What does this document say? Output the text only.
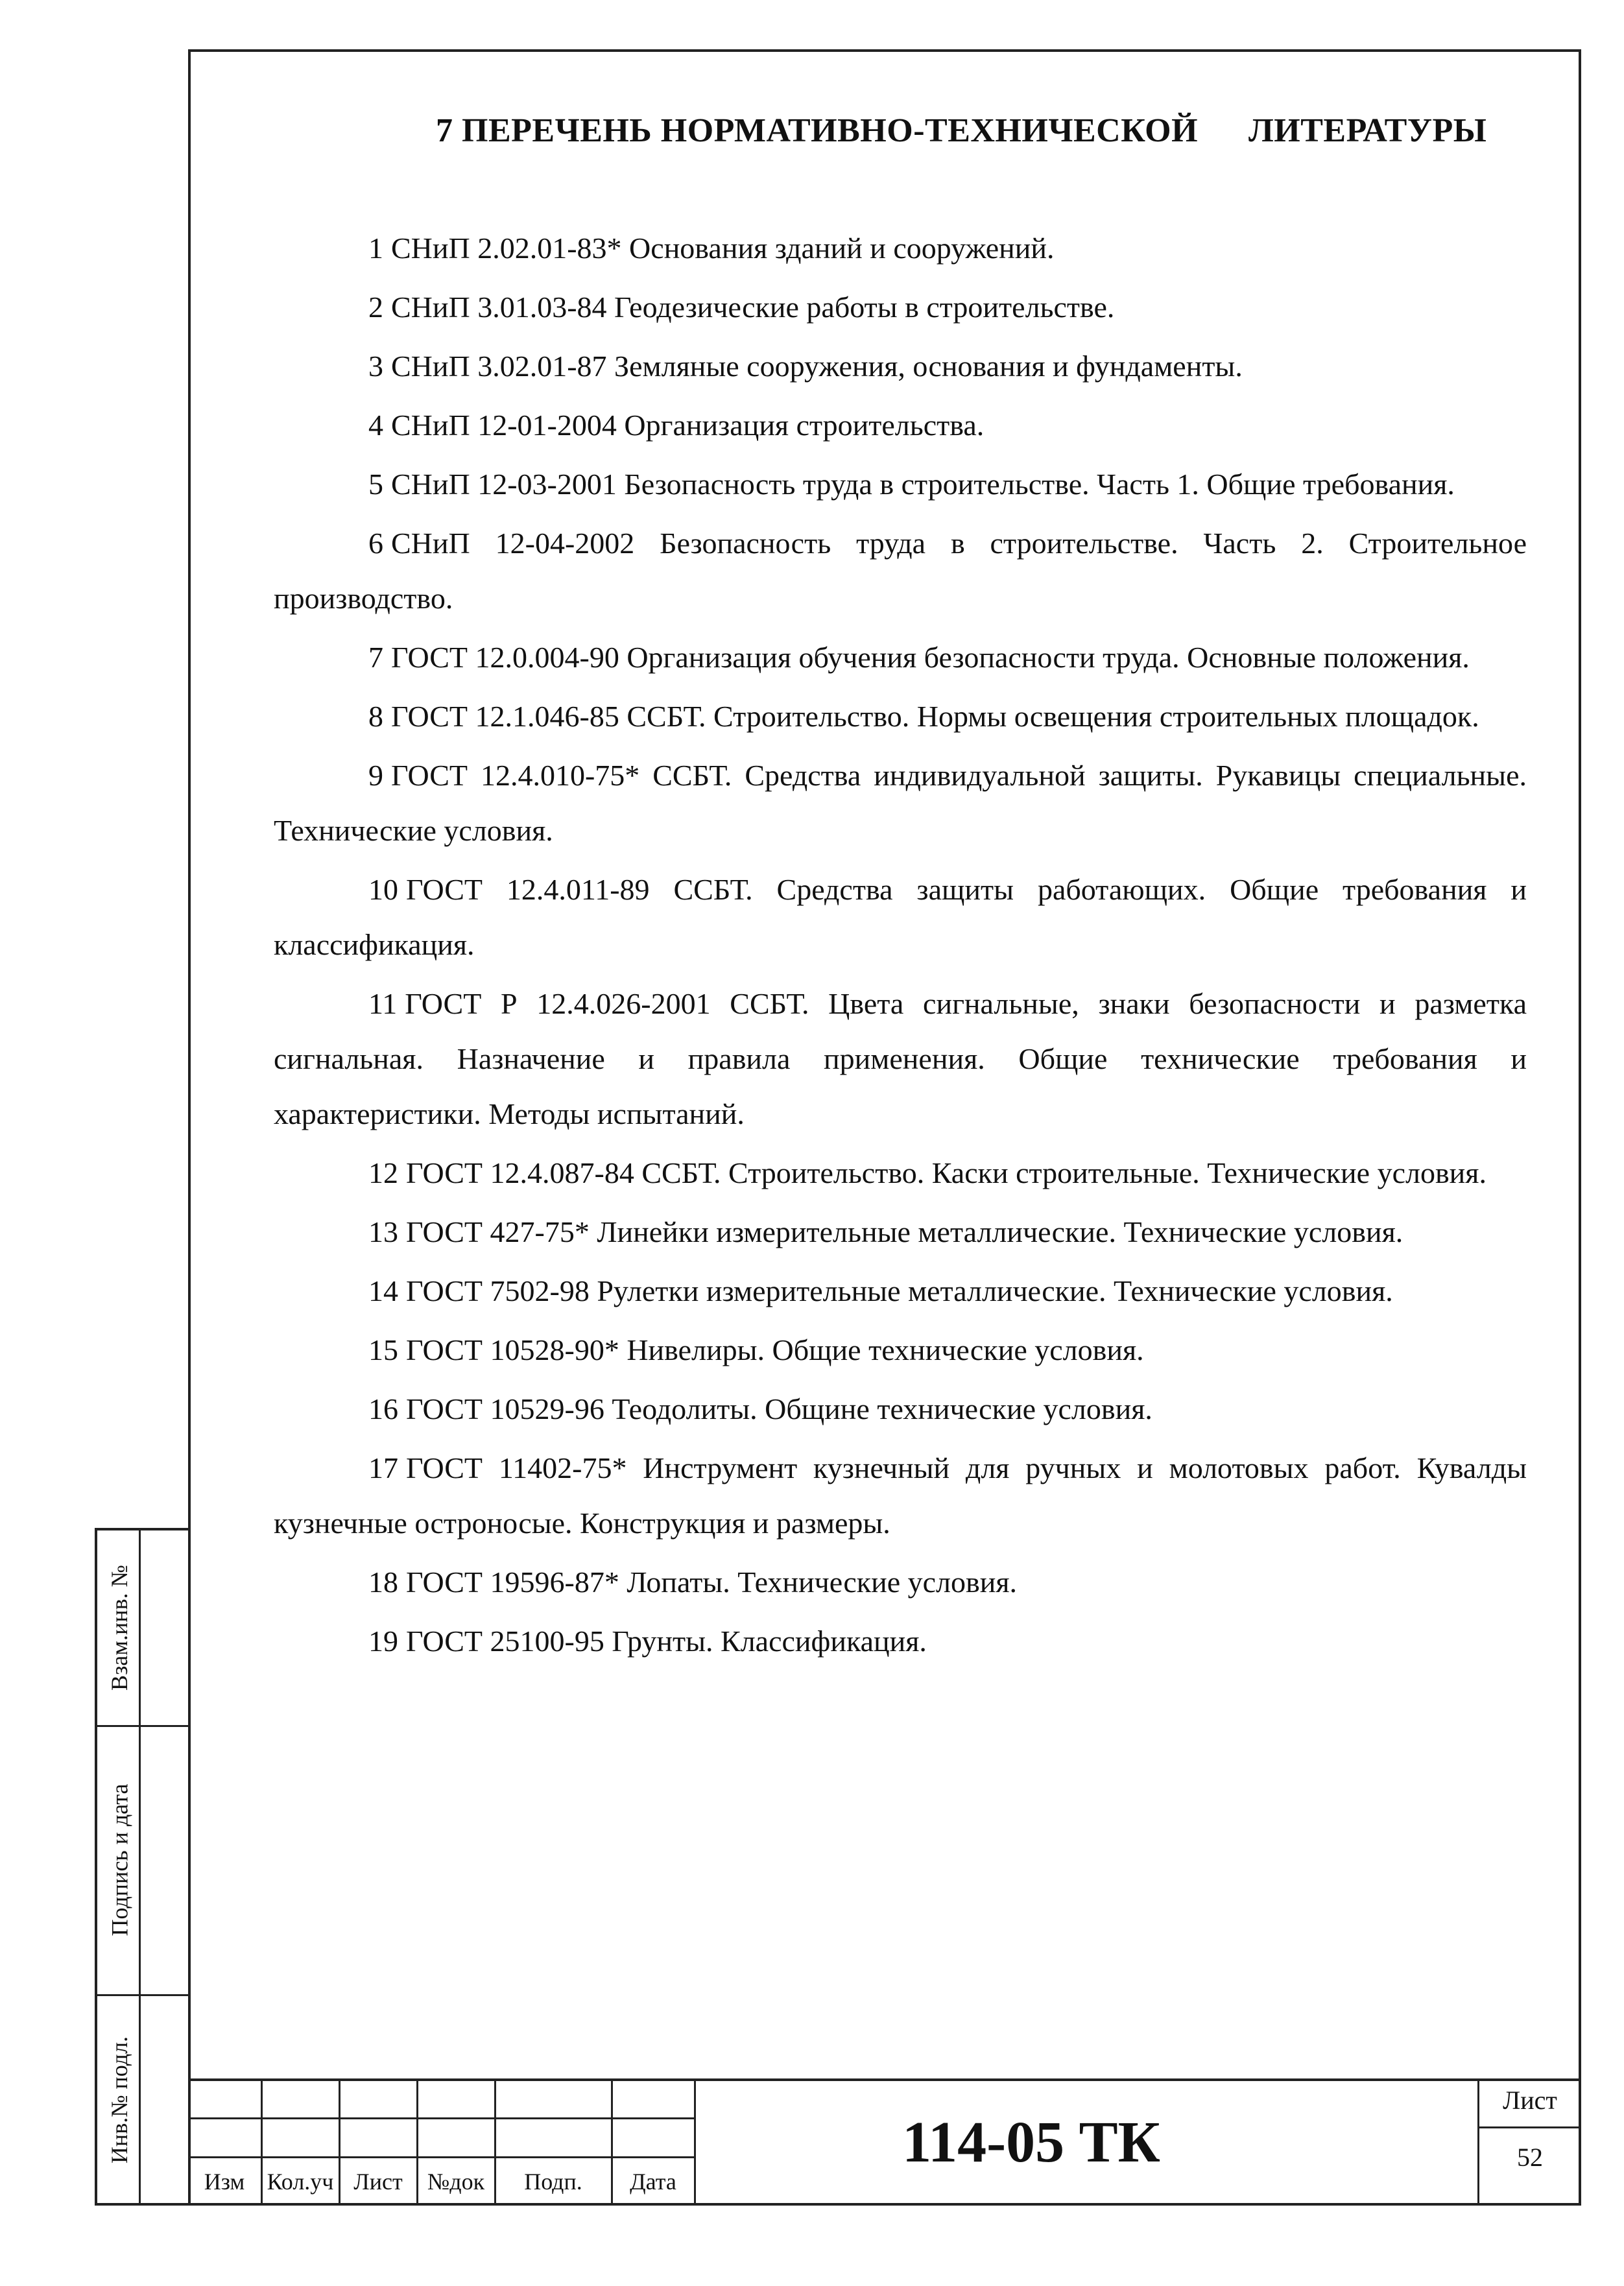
7 ПЕРЕЧЕНЬ НОРМАТИВНО-ТЕХНИЧЕСКОЙ ЛИТЕРАТУРЫ
1 СНиП 2.02.01-83* Основания зданий и сооружений.
2 СНиП 3.01.03-84 Геодезические работы в строительстве.
3 СНиП 3.02.01-87 Земляные сооружения, основания и фундаменты.
4 СНиП 12-01-2004 Организация строительства.
5 СНиП 12-03-2001 Безопасность труда в строительстве. Часть 1. Общие требования.
6 СНиП 12-04-2002 Безопасность труда в строительстве. Часть 2. Строительное производство.
7 ГОСТ 12.0.004-90 Организация обучения безопасности труда. Основные положения.
8 ГОСТ 12.1.046-85 ССБТ. Строительство. Нормы освещения строительных площадок.
9 ГОСТ 12.4.010-75* ССБТ. Средства индивидуальной защиты. Рукавицы специальные. Технические условия.
10 ГОСТ 12.4.011-89 ССБТ. Средства защиты работающих. Общие требования и классификация.
11 ГОСТ Р 12.4.026-2001 ССБТ. Цвета сигнальные, знаки безопасности и разметка сигнальная. Назначение и правила применения. Общие технические требования и характеристики. Методы испытаний.
12 ГОСТ 12.4.087-84 ССБТ. Строительство. Каски строительные. Технические условия.
13 ГОСТ 427-75* Линейки измерительные металлические. Технические условия.
14 ГОСТ 7502-98 Рулетки измерительные металлические. Технические условия.
15 ГОСТ 10528-90* Нивелиры. Общие технические условия.
16 ГОСТ 10529-96 Теодолиты. Общине технические условия.
17 ГОСТ 11402-75* Инструмент кузнечный для ручных и молотовых работ. Кувалды кузнечные остроносые. Конструкция и размеры.
18 ГОСТ 19596-87* Лопаты. Технические условия.
19 ГОСТ 25100-95 Грунты. Классификация.
Взам.инв. №
Подпись и дата
Инв.№ подл.
Изм Кол.уч Лист	№док	Подп.	Дата
114-05 ТК
Лист
52
